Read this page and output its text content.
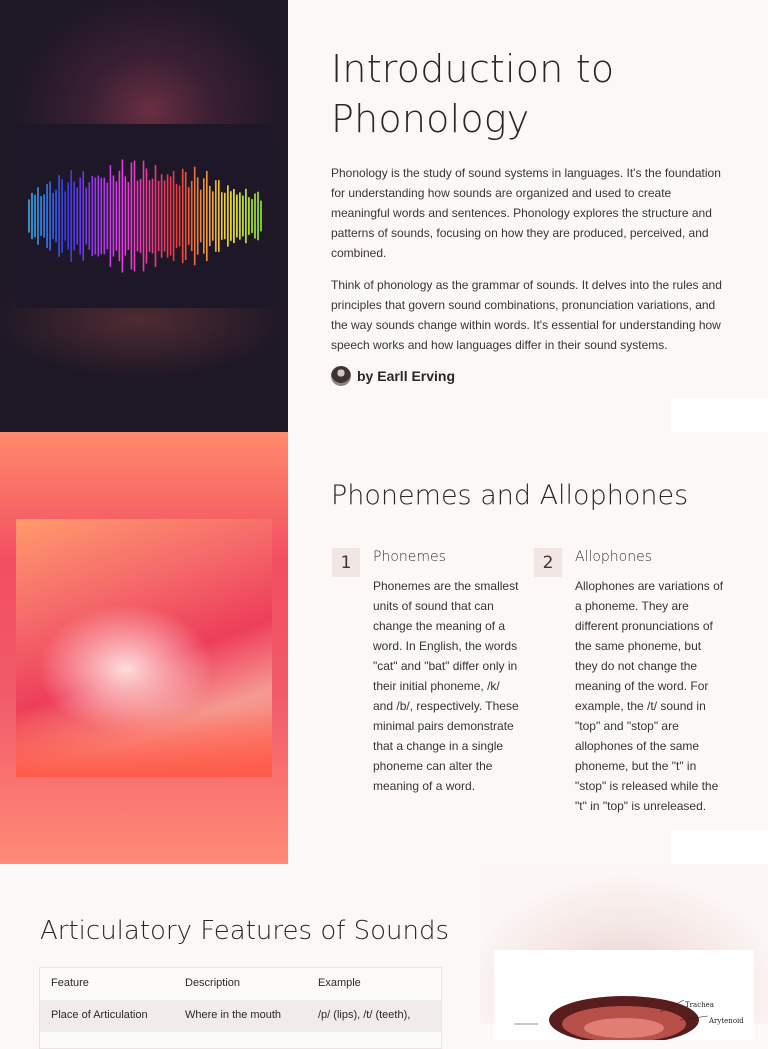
Introduction to
Phonology

Phonology is the study of sound systems in languages. It's the foundation for understanding how sounds are organized and used to create meaningful words and sentences. Phonology explores the structure and patterns of sounds, focusing on how they are produced, perceived, and combined.

Think of phonology as the grammar of sounds. It delves into the rules and principles that govern sound combinations, pronunciation variations, and the way sounds change within words. It's essential for understanding how speech works and how languages differ in their sound systems.

by Earll Erving
Phonemes and Allophones
1	Phonemes

Phonemes are the smallest units of sound that can change the meaning of a word. In English, the words "cat" and "bat" differ only in their initial phoneme, /k/ and /b/, respectively. These minimal pairs demonstrate that a change in a single phoneme can alter the meaning of a word.

2	Allophones

Allophones are variations of a phoneme. They are different pronunciations of the same phoneme, but they do not change the meaning of the word. For example, the /t/ sound in "top" and "stop" are allophones of the same phoneme, but the "t" in "stop" is released while the "t" in "top" is unreleased.

Articulatory Features of Sounds
Feature	Description	Example
Place of Articulation	Where in the mouth	/p/ (lips), /t/ (teeth),
Trachea
Arytenoid
